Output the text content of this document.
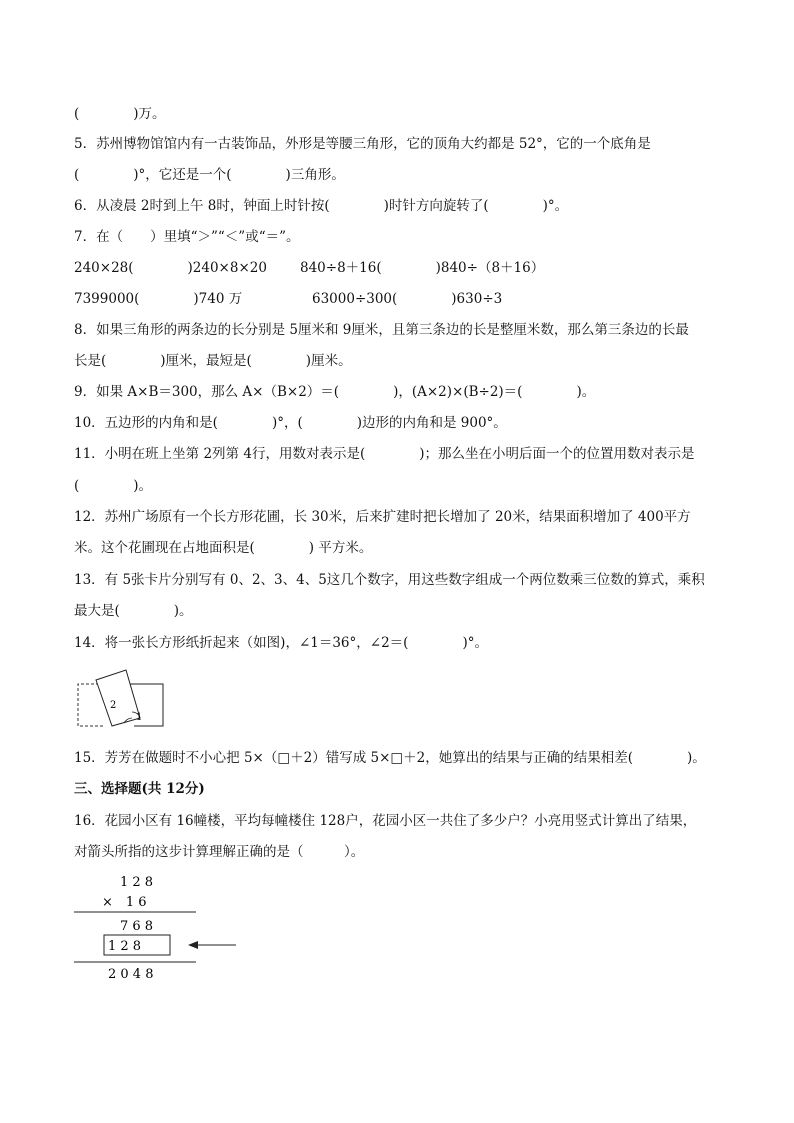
(　　　　)万。
5．苏州博物馆馆内有一古装饰品，外形是等腰三角形，它的顶角大约都是 52°，它的一个底角是
(　　　　)°，它还是一个(　　　　)三角形。
6．从凌晨 2时到上午 8时，钟面上时针按(　　　　)时针方向旋转了(　　　　)°。
7．在（　　）里填“＞”“＜”或“＝”。
240×28(　　　　)240×8×20 840÷8＋16(　　　　)840÷（8＋16）
7399000(　　　　)740 万	63000÷300(　　　　)630÷3
8．如果三角形的两条边的长分别是 5厘米和 9厘米，且第三条边的长是整厘米数，那么第三条边的长最
长是(　　　　)厘米，最短是(　　　　)厘米。
9．如果 A×B＝300，那么 A×（B×2）＝(　　　　)，(A×2)×(B÷2)＝(　　　　)。
10．五边形的内角和是(　　　　)°，(　　　　)边形的内角和是 900°。
11．小明在班上坐第 2列第 4行，用数对表示是(　　　　)；那么坐在小明后面一个的位置用数对表示是
(　　　　)。
12．苏州广场原有一个长方形花圃，长 30米，后来扩建时把长增加了 20米，结果面积增加了 400平方
米。这个花圃现在占地面积是(　　　　) 平方米。
13．有 5张卡片分别写有 0、2、3、4、5这几个数字，用这些数字组成一个两位数乘三位数的算式，乘积
最大是(　　　　)。
14．将一张长方形纸折起来（如图)，∠1＝36°，∠2＝(　　　　)°。
2
1
15．芳芳在做题时不小心把 5×（□＋2）错写成 5×□＋2，她算出的结果与正确的结果相差(　　　　)。
三、选择题(共 12分)
16．花园小区有 16幢楼，平均每幢楼住 128户，花园小区一共住了多少户？小亮用竖式计算出了结果，
对箭头所指的这步计算理解正确的是（　　　）。
1 2 8
×　1 6
7 6 8
1 2 8
2 0 4 8
